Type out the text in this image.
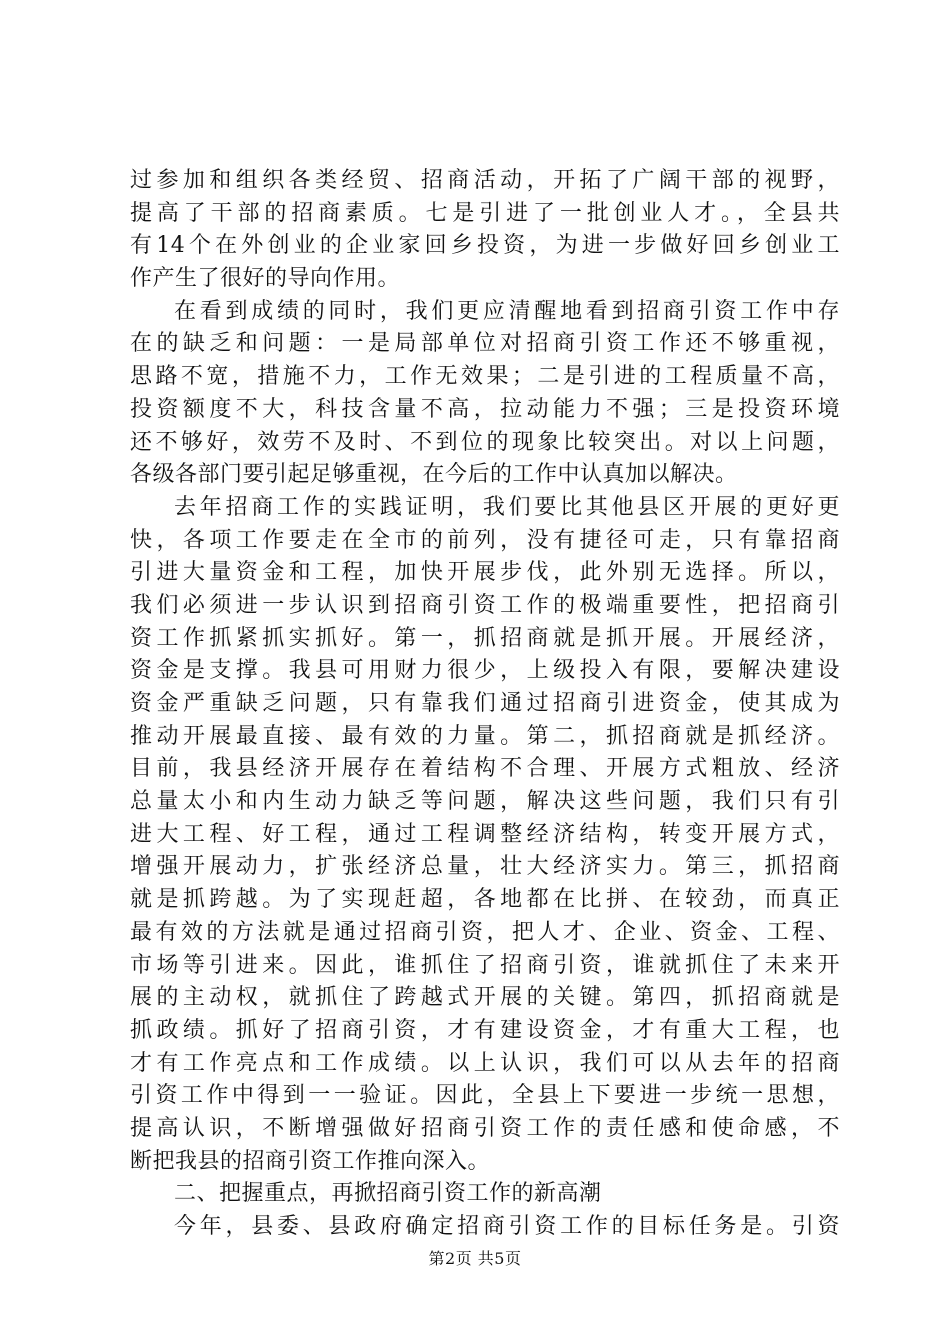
过参加和组织各类经贸、招商活动，开拓了广阔干部的视野，
提高了干部的招商素质。七是引进了一批创业人才。，全县共
有14个在外创业的企业家回乡投资，为进一步做好回乡创业工
作产生了很好的导向作用。
在看到成绩的同时，我们更应清醒地看到招商引资工作中存
在的缺乏和问题：一是局部单位对招商引资工作还不够重视，
思路不宽，措施不力，工作无效果；二是引进的工程质量不高，
投资额度不大，科技含量不高，拉动能力不强；三是投资环境
还不够好，效劳不及时、不到位的现象比较突出。对以上问题，
各级各部门要引起足够重视，在今后的工作中认真加以解决。
去年招商工作的实践证明，我们要比其他县区开展的更好更
快，各项工作要走在全市的前列，没有捷径可走，只有靠招商
引进大量资金和工程，加快开展步伐，此外别无选择。所以，
我们必须进一步认识到招商引资工作的极端重要性，把招商引
资工作抓紧抓实抓好。第一，抓招商就是抓开展。开展经济，
资金是支撑。我县可用财力很少，上级投入有限，要解决建设
资金严重缺乏问题，只有靠我们通过招商引进资金，使其成为
推动开展最直接、最有效的力量。第二，抓招商就是抓经济。
目前，我县经济开展存在着结构不合理、开展方式粗放、经济
总量太小和内生动力缺乏等问题，解决这些问题，我们只有引
进大工程、好工程，通过工程调整经济结构，转变开展方式，
增强开展动力，扩张经济总量，壮大经济实力。第三，抓招商
就是抓跨越。为了实现赶超，各地都在比拼、在较劲，而真正
最有效的方法就是通过招商引资，把人才、企业、资金、工程、
市场等引进来。因此，谁抓住了招商引资，谁就抓住了未来开
展的主动权，就抓住了跨越式开展的关键。第四，抓招商就是
抓政绩。抓好了招商引资，才有建设资金，才有重大工程，也
才有工作亮点和工作成绩。以上认识，我们可以从去年的招商
引资工作中得到一一验证。因此，全县上下要进一步统一思想，
提高认识，不断增强做好招商引资工作的责任感和使命感，不
断把我县的招商引资工作推向深入。
二、把握重点，再掀招商引资工作的新高潮
今年，县委、县政府确定招商引资工作的目标任务是。引资
第2页 共5页
